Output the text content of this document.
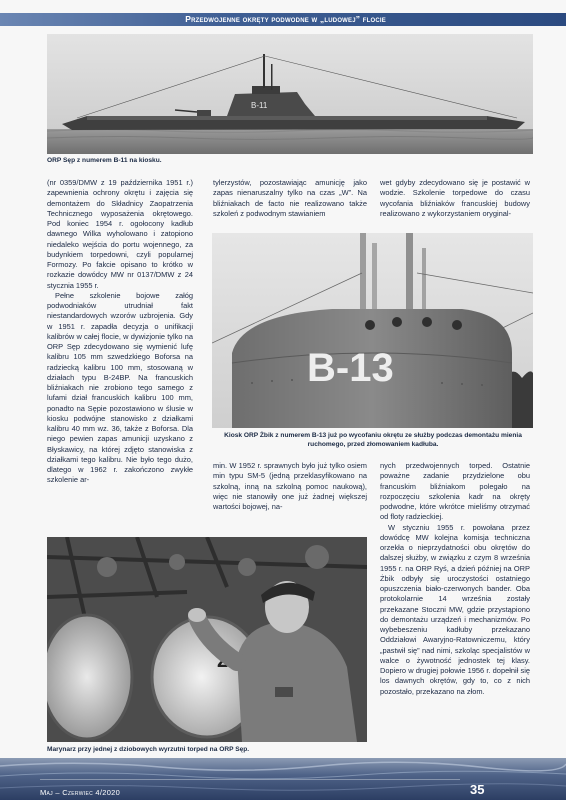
Przedwojenne okręty podwodne w „ludowej” flocie
B-11
ORP Sęp z numerem B-11 na kiosku.

(nr 0359/DMW z 19 października 1951 r.) zapewnienia ochrony okrętu i zajęcia się demontażem do Składnicy Zaopatrzenia Technicznego wyposażenia okrętowego. Pod koniec 1954 r. ogołocony kadłub dawnego Wilka wyholowano i zatopiono niedaleko wejścia do portu wojennego, za budynkiem torpedowni, czyli popularnej Formozy. Po fakcie opisano to krótko w rozkazie dowódcy MW nr 0137/DMW z 24 stycznia 1955 r.

Pełne szkolenie bojowe załóg podwodniaków utrudniał fakt niestandardowych wzorów uzbrojenia. Gdy w 1951 r. zapadła decyzja o unifikacji kalibrów w całej flocie, w dywizjonie tylko na ORP Sęp zdecydowano się wymienić lufę kalibru 105 mm szwedzkiego Boforsa na radziecką kalibru 100 mm, stosowaną w działach typu B-24BP. Na francuskich bliźniakach nie zrobiono tego samego z lufami dział francuskich kalibru 100 mm, ponadto na Sępie pozostawiono w ślusie w kiosku podwójne stanowisko z działkami kalibru 40 mm wz. 36, także z Boforsa. Dla niego pewien zapas amunicji uzyskano z Błyskawicy, na której zdjęto stanowiska z działkami tego kalibru. Nie było tego dużo, dlatego w 1962 r. zakończono zwykłe szkolenie ar-

tylerzystów, pozostawiając amunicję jako zapas nienaruszalny tylko na czas „W”. Na bliźniakach de facto nie realizowano także szkoleń z podwodnym stawianiem

wet gdyby zdecydowano się je postawić w wodzie. Szkolenie torpedowe do czasu wycofania bliźniaków francuskiej budowy realizowano z wykorzystaniem oryginal-

B-13
Kiosk ORP Żbik z numerem B-13 już po wycofaniu okrętu ze służby podczas demontażu mienia ruchomego, przed złomowaniem kadłuba.

min. W 1952 r. sprawnych było już tylko osiem min typu SM-5 (jedną przeklasyfikowano na szkolną, inną na szkolną pomoc naukową), więc nie stanowiły one już żadnej większej wartości bojowej, na-

nych przedwojennych torped. Ostatnie poważne zadanie przydzielone obu francuskim bliźniakom polegało na rozpoczęciu szkolenia kadr na okręty podwodne, które wkrótce mieliśmy otrzymać od floty radzieckiej.

W styczniu 1955 r. powołana przez dowódcę MW kolejna komisja techniczna orzekła o nieprzydatności obu okrętów do dalszej służby, w związku z czym 8 września 1955 r. na ORP Ryś, a dzień później na ORP Żbik odbyły się uroczystości ostatniego opuszczenia biało-czerwonych bander. Oba protokolarnie 14 września zostały przekazane Stoczni MW, gdzie przystąpiono do demontażu urządzeń i mechanizmów. Po wybebeszeniu kadłuby przekazano Oddziałowi Awaryjno-Ratowniczemu, który „pastwił się” nad nimi, szkoląc specjalistów w walce o żywotność jednostek tej klasy. Dopiero w drugiej połowie 1956 r. dopełnił się los dawnych okrętów, gdy to, co z nich pozostało, przekazano na złom.

2
Marynarz przy jednej z dziobowych wyrzutni torped na ORP Sęp.
Maj – Czerwiec 4/2020	35
